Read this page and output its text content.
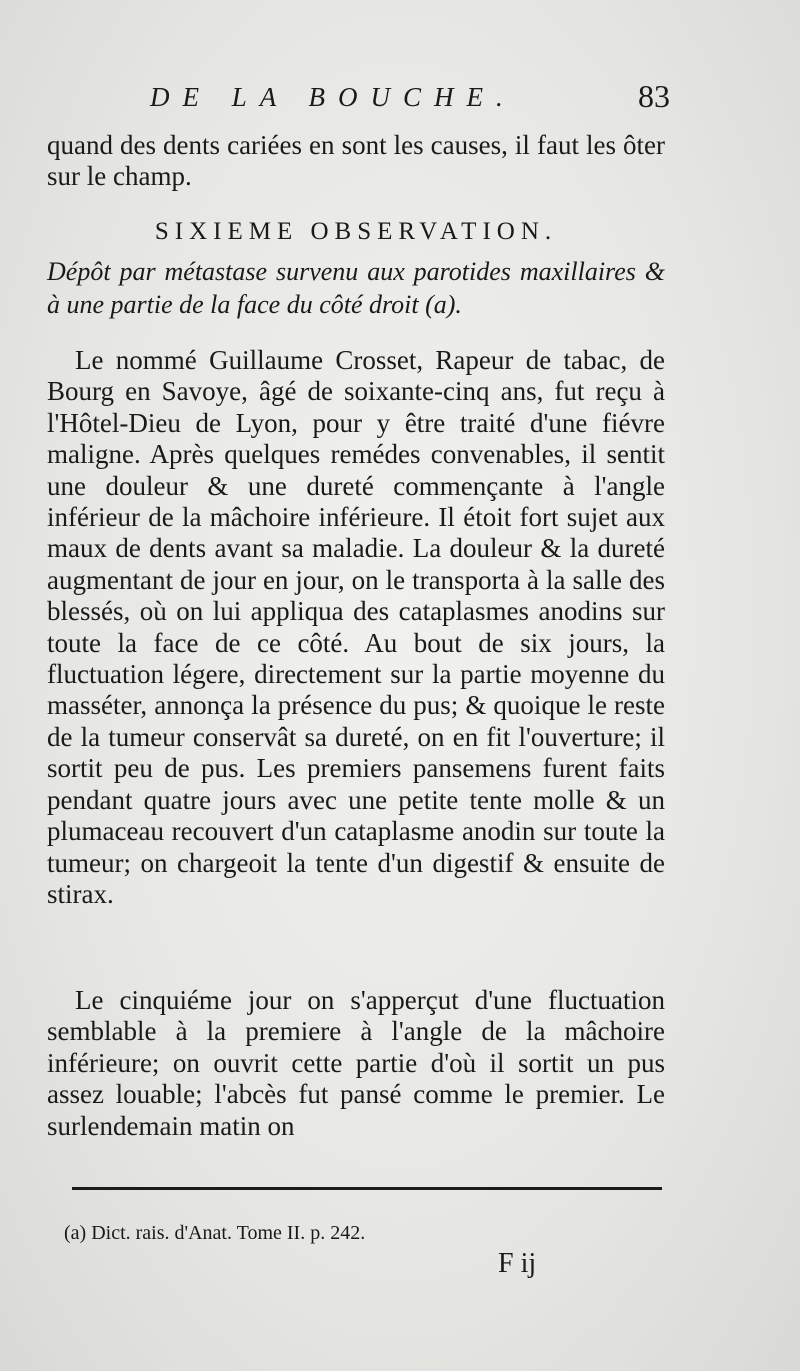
DE LA BOUCHE.	83
quand des dents cariées en sont les causes, il faut les ôter sur le champ.
SIXIEME OBSERVATION.
Dépôt par métastase survenu aux parotides maxillaires & à une partie de la face du côté droit (a).
Le nommé Guillaume Crosset, Rapeur de tabac, de Bourg en Savoye, âgé de soixante-cinq ans, fut reçu à l'Hôtel-Dieu de Lyon, pour y être traité d'une fiévre maligne. Après quelques remédes convenables, il sentit une douleur & une dureté commençante à l'angle inférieur de la mâchoire inférieure. Il étoit fort sujet aux maux de dents avant sa maladie. La douleur & la dureté augmentant de jour en jour, on le transporta à la salle des blessés, où on lui appliqua des cataplasmes anodins sur toute la face de ce côté. Au bout de six jours, la fluctuation légere, directement sur la partie moyenne du masséter, annonça la présence du pus; & quoique le reste de la tumeur conservât sa dureté, on en fit l'ouverture; il sortit peu de pus. Les premiers pansemens furent faits pendant quatre jours avec une petite tente molle & un plumaceau recouvert d'un cataplasme anodin sur toute la tumeur; on chargeoit la tente d'un digestif & ensuite de stirax.
Le cinquiéme jour on s'apperçut d'une fluctuation semblable à la premiere à l'angle de la mâchoire inférieure; on ouvrit cette partie d'où il sortit un pus assez louable; l'abcès fut pansé comme le premier. Le surlendemain matin on
(a) Dict. rais. d'Anat. Tome II. p. 242.
F ij
